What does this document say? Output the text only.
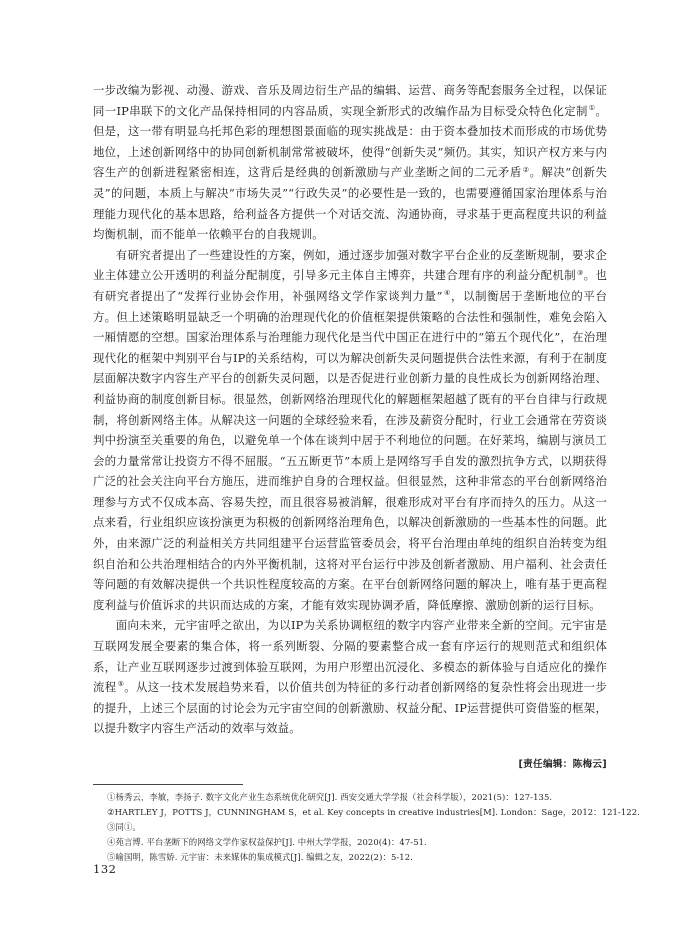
一步改编为影视、动漫、游戏、音乐及周边衍生产品的编辑、运营、商务等配套服务全过程，以保证同一IP串联下的文化产品保持相同的内容品质，实现全新形式的改编作品为目标受众特色化定制①。但是，这一带有明显乌托邦色彩的理想图景面临的现实挑战是：由于资本叠加技术而形成的市场优势地位，上述创新网络中的协同创新机制常常被破坏，使得“创新失灵”频仍。其实，知识产权方来与内容生产的创新进程紧密相连，这背后是经典的创新激励与产业垄断之间的二元矛盾②。解决“创新失灵”的问题，本质上与解决“市场失灵”“行政失灵”的必要性是一致的，也需要遵循国家治理体系与治理能力现代化的基本思路，给利益各方提供一个对话交流、沟通协商，寻求基于更高程度共识的利益均衡机制，而不能单一依赖平台的自我规训。

有研究者提出了一些建设性的方案，例如，通过逐步加强对数字平台企业的反垄断规制，要求企业主体建立公开透明的利益分配制度，引导多元主体自主博弈，共建合理有序的利益分配机制③。也有研究者提出了“发挥行业协会作用，补强网络文学作家谈判力量”④，以制衡居于垄断地位的平台方。但上述策略明显缺乏一个明确的治理现代化的价值框架提供策略的合法性和强制性，难免会陷入一厢情愿的空想。国家治理体系与治理能力现代化是当代中国正在进行中的“第五个现代化”，在治理现代化的框架中判别平台与IP的关系结构，可以为解决创新失灵问题提供合法性来源，有利于在制度层面解决数字内容生产平台的创新失灵问题，以是否促进行业创新力量的良性成长为创新网络治理、利益协商的制度创新目标。很显然，创新网络治理现代化的解题框架超越了既有的平台自律与行政规制，将创新网络主体。从解决这一问题的全球经验来看，在涉及薪资分配时，行业工会通常在劳资谈判中扮演至关重要的角色，以避免单一个体在谈判中居于不利地位的问题。在好莱坞，编剧与演员工会的力量常常让投资方不得不屈服。“五五断更节”本质上是网络写手自发的激烈抗争方式，以期获得广泛的社会关注向平台方施压，进而维护自身的合理权益。但很显然，这种非常态的平台创新网络治理参与方式不仅成本高、容易失控，而且很容易被消解，很难形成对平台有序而持久的压力。从这一点来看，行业组织应该扮演更为积极的创新网络治理角色，以解决创新激励的一些基本性的问题。此外，由来源广泛的利益相关方共同组建平台运营监管委员会，将平台治理由单纯的组织自治转变为组织自治和公共治理相结合的内外平衡机制，这将对平台运行中涉及创新者激励、用户福利、社会责任等问题的有效解决提供一个共识性程度较高的方案。在平台创新网络问题的解决上，唯有基于更高程度利益与价值诉求的共识而达成的方案，才能有效实现协调矛盾，降低摩擦、激励创新的运行目标。

面向未来，元宇宙呼之欲出，为以IP为关系协调枢纽的数字内容产业带来全新的空间。元宇宙是互联网发展全要素的集合体，将一系列断裂、分隔的要素整合成一套有序运行的规则范式和组织体系，让产业互联网逐步过渡到体验互联网，为用户形塑出沉浸化、多模态的新体验与自适应化的操作流程⑤。从这一技术发展趋势来看，以价值共创为特征的多行动者创新网络的复杂性将会出现进一步的提升，上述三个层面的讨论会为元宇宙空间的创新激励、权益分配、IP运营提供可资借鉴的框架，以提升数字内容生产活动的效率与效益。

[责任编辑：陈梅云]
①杨秀云，李敏，李扬子. 数字文化产业生态系统优化研究[J]. 西安交通大学学报（社会科学版），2021(5)：127-135.
②HARTLEY J，POTTS J，CUNNINGHAM S，et al. Key concepts in creative industries[M]. London：Sage，2012：121-122.
③同①。
④苑言博. 平台垄断下的网络文学作家权益保护[J]. 中州大学学报，2020(4)：47-51.
⑤喻国明，陈雪娇. 元宇宙：未来媒体的集成模式[J]. 编辑之友，2022(2)：5-12.
132
